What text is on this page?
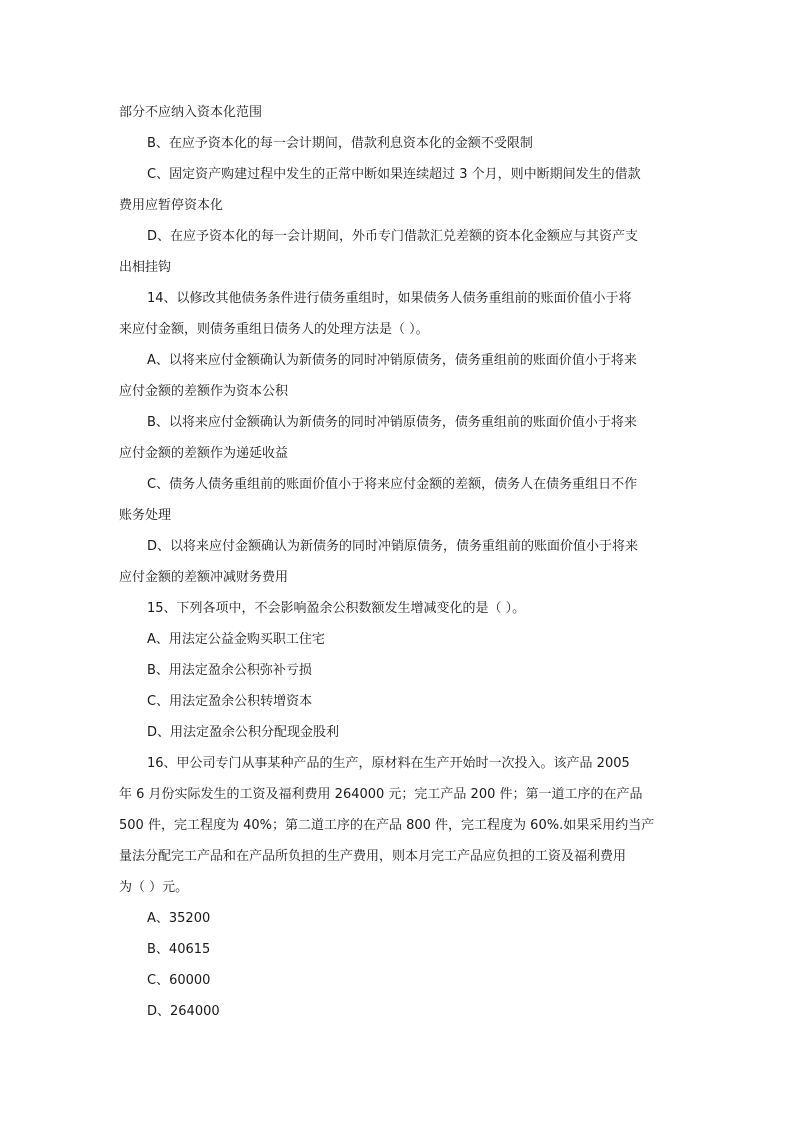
部分不应纳入资本化范围
B、在应予资本化的每一会计期间，借款利息资本化的金额不受限制
C、固定资产购建过程中发生的正常中断如果连续超过 3 个月，则中断期间发生的借款
费用应暂停资本化
D、在应予资本化的每一会计期间，外币专门借款汇兑差额的资本化金额应与其资产支
出相挂钩
14、以修改其他债务条件进行债务重组时，如果债务人债务重组前的账面价值小于将
来应付金额，则债务重组日债务人的处理方法是（ ）。
A、以将来应付金额确认为新债务的同时冲销原债务，债务重组前的账面价值小于将来
应付金额的差额作为资本公积
B、以将来应付金额确认为新债务的同时冲销原债务，债务重组前的账面价值小于将来
应付金额的差额作为递延收益
C、债务人债务重组前的账面价值小于将来应付金额的差额，债务人在债务重组日不作
账务处理
D、以将来应付金额确认为新债务的同时冲销原债务，债务重组前的账面价值小于将来
应付金额的差额冲减财务费用
15、下列各项中，不会影响盈余公积数额发生增减变化的是（ ）。
A、用法定公益金购买职工住宅
B、用法定盈余公积弥补亏损
C、用法定盈余公积转增资本
D、用法定盈余公积分配现金股利
16、甲公司专门从事某种产品的生产，原材料在生产开始时一次投入。该产品 2005
年 6 月份实际发生的工资及福利费用 264000 元；完工产品 200 件；第一道工序的在产品
500 件，完工程度为 40%；第二道工序的在产品 800 件，完工程度为 60%.如果采用约当产
量法分配完工产品和在产品所负担的生产费用，则本月完工产品应负担的工资及福利费用
为（ ）元。
A、35200
B、40615
C、60000
D、264000
